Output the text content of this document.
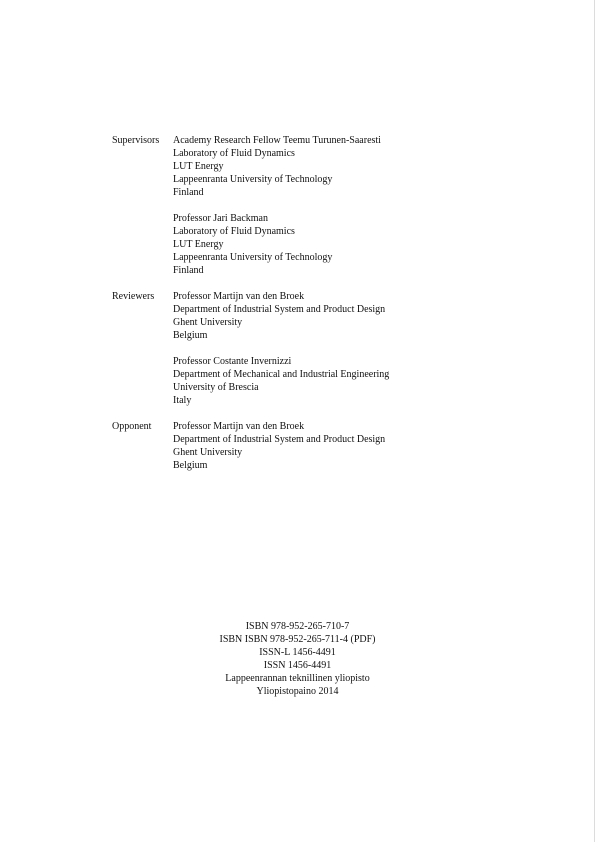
Supervisors	Academy Research Fellow Teemu Turunen-Saaresti
Laboratory of Fluid Dynamics
LUT Energy
Lappeenranta University of Technology
Finland
Professor Jari Backman
Laboratory of Fluid Dynamics
LUT Energy
Lappeenranta University of Technology
Finland
Reviewers	Professor Martijn van den Broek
Department of Industrial System and Product Design
Ghent University
Belgium
Professor Costante Invernizzi
Department of Mechanical and Industrial Engineering
University of Brescia
Italy
Opponent	Professor Martijn van den Broek
Department of Industrial System and Product Design
Ghent University
Belgium
ISBN 978-952-265-710-7
ISBN ISBN 978-952-265-711-4 (PDF)
ISSN-L 1456-4491
ISSN 1456-4491
Lappeenrannan teknillinen yliopisto
Yliopistopaino 2014
